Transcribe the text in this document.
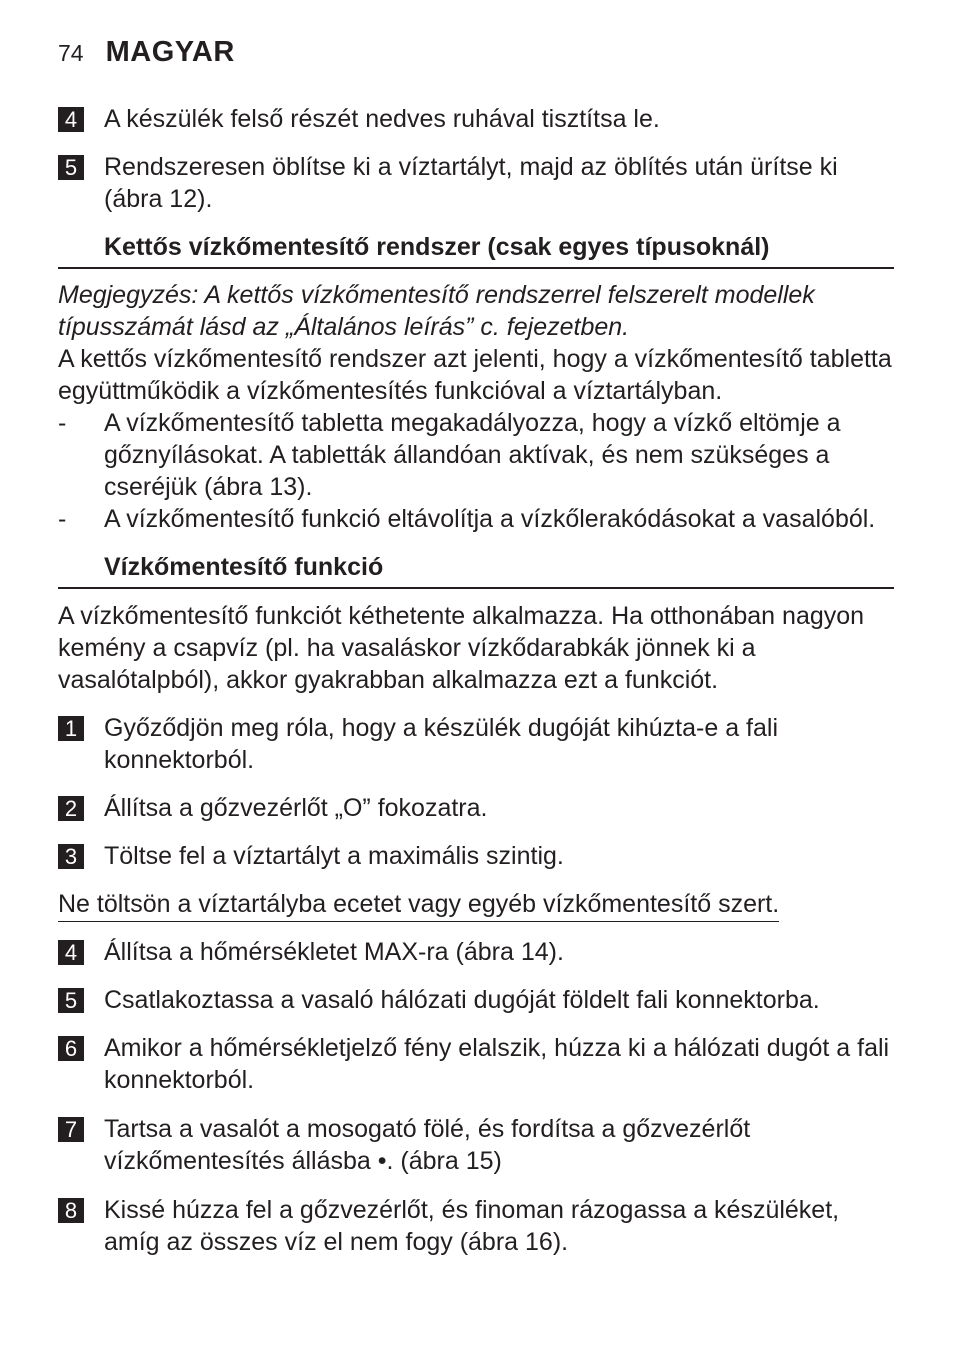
74 MAGYAR
4 A készülék felső részét nedves ruhával tisztítsa le.
5 Rendszeresen öblítse ki a víztartályt, majd az öblítés után ürítse ki (ábra 12).
Kettős vízkőmentesítő rendszer (csak egyes típusoknál)
Megjegyzés: A kettős vízkőmentesítő rendszerrel felszerelt modellek típusszámát lásd az „Általános leírás” c. fejezetben.
A kettős vízkőmentesítő rendszer azt jelenti, hogy a vízkőmentesítő tabletta együttműködik a vízkőmentesítés funkcióval a víztartályban.
- A vízkőmentesítő tabletta megakadályozza, hogy a vízkő eltömje a gőznyílásokat. A tabletták állandóan aktívak, és nem szükséges a cseréjük (ábra 13).
- A vízkőmentesítő funkció eltávolítja a vízkőlerakódásokat a vasalóból.
Vízkőmentesítő funkció
A vízkőmentesítő funkciót kéthetente alkalmazza. Ha otthonában nagyon kemény a csapvíz (pl. ha vasaláskor vízkődarabkák jönnek ki a vasalótalpból), akkor gyakrabban alkalmazza ezt a funkciót.
1 Győződjön meg róla, hogy a készülék dugóját kihúzta-e a fali konnektorból.
2 Állítsa a gőzvezérlőt „O” fokozatra.
3 Töltse fel a víztartályt a maximális szintig.
Ne töltsön a víztartályba ecetet vagy egyéb vízkőmentesítő szert.
4 Állítsa a hőmérsékletet MAX-ra (ábra 14).
5 Csatlakoztassa a vasaló hálózati dugóját földelt fali konnektorba.
6 Amikor a hőmérsékletjelző fény elalszik, húzza ki a hálózati dugót a fali konnektorból.
7 Tartsa a vasalót a mosogató fölé, és fordítsa a gőzvezérlőt vízkőmentesítés állásba •. (ábra 15)
8 Kissé húzza fel a gőzvezérlőt, és finoman rázogassa a készüléket, amíg az összes víz el nem fogy (ábra 16).
